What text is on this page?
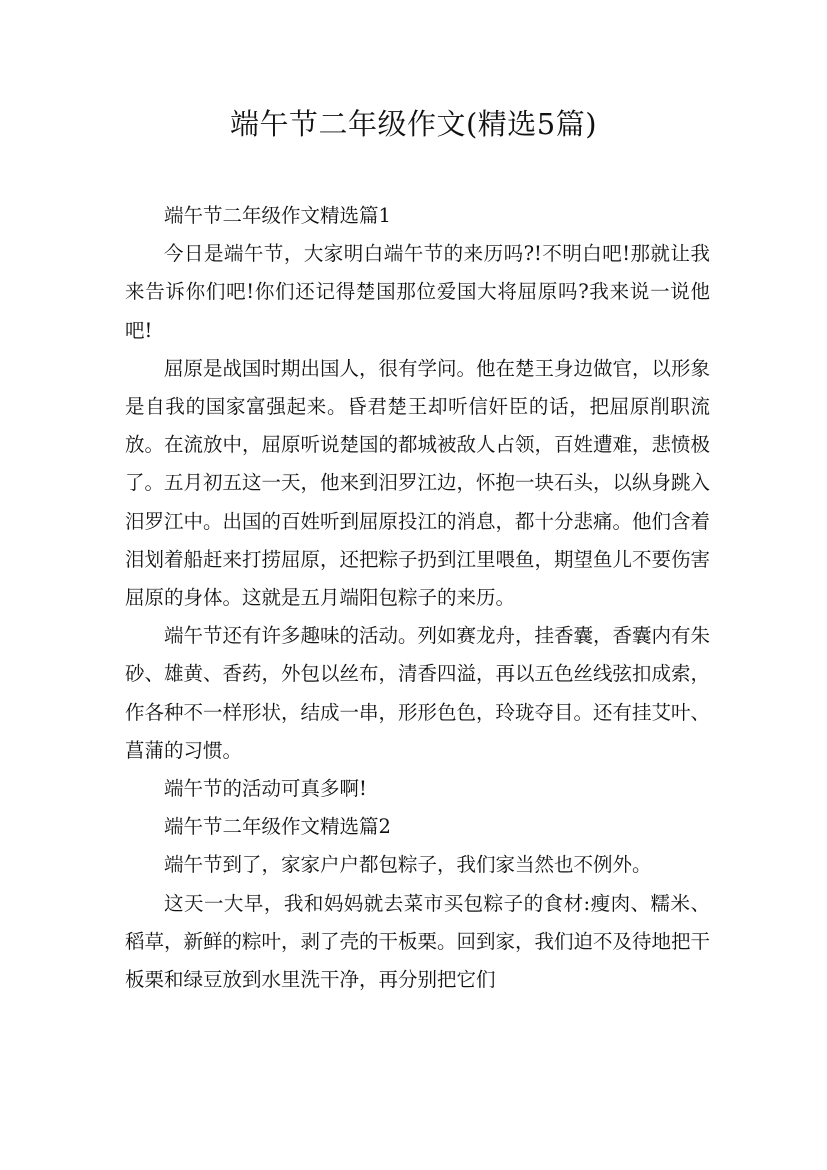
端午节二年级作文(精选5篇)

端午节二年级作文精选篇1

今日是端午节，大家明白端午节的来历吗?!不明白吧!那就让我来告诉你们吧!你们还记得楚国那位爱国大将屈原吗?我来说一说他吧!

屈原是战国时期出国人，很有学问。他在楚王身边做官，以形象是自我的国家富强起来。昏君楚王却听信奸臣的话，把屈原削职流放。在流放中，屈原听说楚国的都城被敌人占领，百姓遭难，悲愤极了。五月初五这一天，他来到汨罗江边，怀抱一块石头，以纵身跳入汨罗江中。出国的百姓听到屈原投江的消息，都十分悲痛。他们含着泪划着船赶来打捞屈原，还把粽子扔到江里喂鱼，期望鱼儿不要伤害屈原的身体。这就是五月端阳包粽子的来历。

端午节还有许多趣味的活动。列如赛龙舟，挂香囊，香囊内有朱砂、雄黄、香药，外包以丝布，清香四溢，再以五色丝线弦扣成索，作各种不一样形状，结成一串，形形色色，玲珑夺目。还有挂艾叶、菖蒲的习惯。

端午节的活动可真多啊!

端午节二年级作文精选篇2

端午节到了，家家户户都包粽子，我们家当然也不例外。

这天一大早，我和妈妈就去菜市买包粽子的食材:瘦肉、糯米、稻草，新鲜的粽叶，剥了壳的干板栗。回到家，我们迫不及待地把干板栗和绿豆放到水里洗干净，再分别把它们
